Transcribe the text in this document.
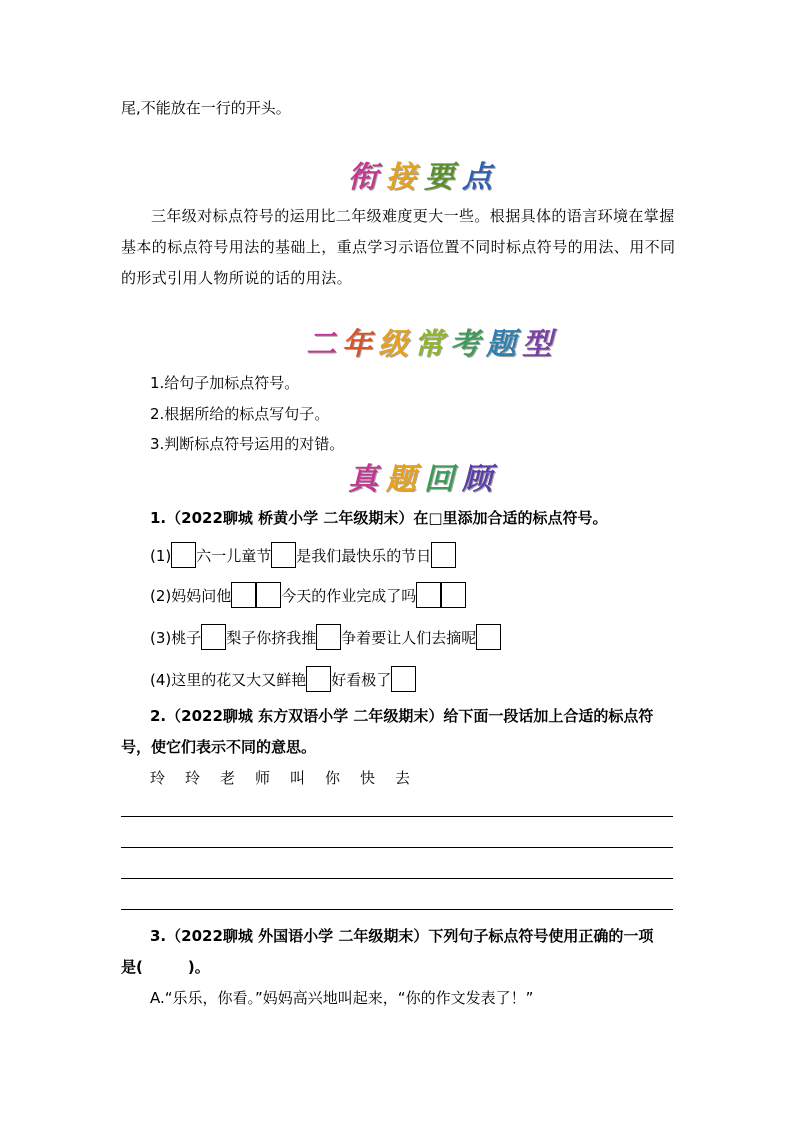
尾,不能放在一行的开头。
衔接要点
三年级对标点符号的运用比二年级难度更大一些。根据具体的语言环境在掌握基本的标点符号用法的基础上，重点学习示语位置不同时标点符号的用法、用不同的形式引用人物所说的话的用法。
二年级常考题型
1.给句子加标点符号。
2.根据所给的标点写句子。
3.判断标点符号运用的对错。
真题回顾
1.（2022聊城 桥黄小学 二年级期末）在□里添加合适的标点符号。
(1) 六一儿童节 是我们最快乐的节日
(2)妈妈问他	今天的作业完成了吗
(3)桃子 梨子你挤我推 争着要让人们去摘呢
(4)这里的花又大又鲜艳 好看极了
2.（2022聊城 东方双语小学 二年级期末）给下面一段话加上合适的标点符
号，使它们表示不同的意思。
玲 玲 老 师 叫 你 快 去
3.（2022聊城 外国语小学 二年级期末）下列句子标点符号使用正确的一项
是(　　　)。
A.“乐乐，你看。”妈妈高兴地叫起来，“你的作文发表了！”
